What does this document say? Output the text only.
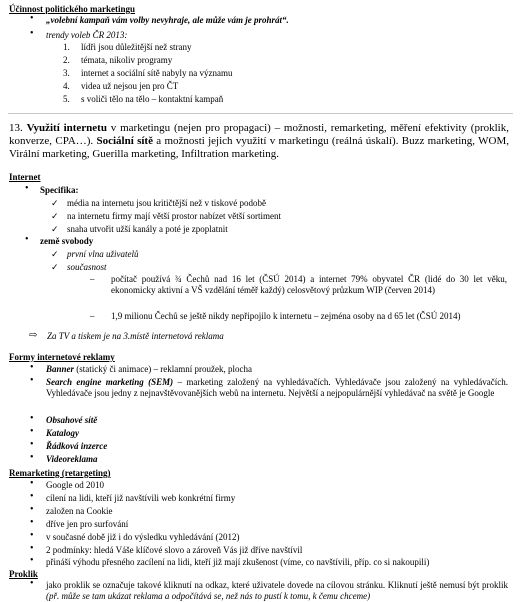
Účinnost politického marketingu
• „volební kampaň vám volby nevyhraje, ale může vám je prohrát“.
• trendy voleb ČR 2013:
1. lídři jsou důležitější než strany
2. témata, nikoliv programy
3. internet a sociální sítě nabyly na významu
4. videa už nejsou jen pro ČT
5. s voliči tělo na tělo – kontaktní kampaň
13. Využití internetu v marketingu (nejen pro propagaci) – možnosti, remarketing, měření efektivity (proklik, konverze, CPA…). Sociální sítě a možnosti jejich využití v marketingu (reálná úskalí). Buzz marketing, WOM, Virální marketing, Guerilla marketing, Infiltration marketing.
Internet
• Specifika:
✓ média na internetu jsou kritičtější než v tiskové podobě
✓ na internetu firmy mají větší prostor nabízet větší sortiment
✓ snaha utvořit užší kanály a poté je zpoplatnit
• země svobody
✓ první vlna uživatelů
✓ současnost
– počítač používá ¾ Čechů nad 16 let (ČSÚ 2014) a internet 79% obyvatel ČR (lidé do 30 let věku, ekonomicky aktivní a VŠ vzdělání téměř každý) celosvětový průzkum WIP (červen 2014)
– 1,9 milionu Čechů se ještě nikdy nepřipojilo k internetu – zejména osoby na d 65 let (ČSÚ 2014)
⇨ Za TV a tiskem je na 3.místě internetová reklama
Formy internetové reklamy
• Banner (statický či animace) – reklamní proužek, plocha
• Search engine marketing (SEM) – marketing založený na vyhledávačích. Vyhledávače jsou založený na vyhledávačích. Vyhledávače jsou jedny z nejnavštěvovanějších webů na internetu. Největší a nejpopulárnější vyhledávač na světě je Google
• Obsahové sítě
• Katalogy
• Řádková inzerce
• Videoreklama
Remarketing (retargeting)
• Google od 2010
• cílení na lidi, kteří již navštívili web konkrétní firmy
• založen na Cookie
• dříve jen pro surfování
• v současné době již i do výsledku vyhledávání (2012)
• 2 podmínky: hledá Váše klíčové slovo a zároveň Vás již dříve navštívil
• přináší výhodu přesného zacílení na lidi, kteří již mají zkušenost (víme, co navštívili, příp. co si nakoupili)
Proklik
• jako proklik se označuje takové kliknutí na odkaz, které uživatele dovede na cílovou stránku. Kliknutí ještě nemusí být proklik (př. může se tam ukázat reklama a odpočítává se, než nás to pustí k tomu, k čemu chceme)
